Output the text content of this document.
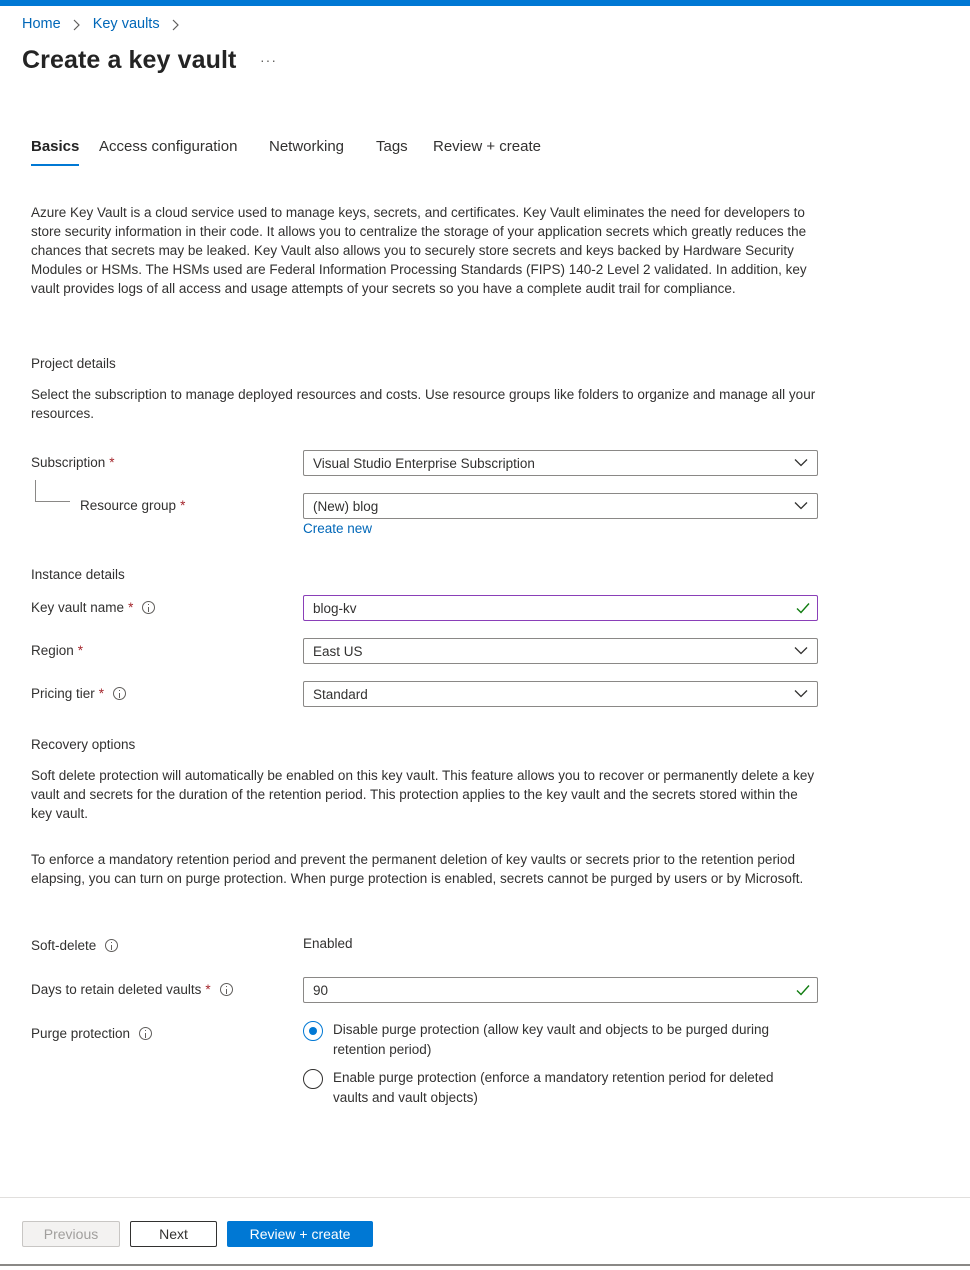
Home Key vaults
Create a key vault ···
Basics Access configuration Networking Tags Review + create

Azure Key Vault is a cloud service used to manage keys, secrets, and certificates. Key Vault eliminates the need for developers to store security information in their code. It allows you to centralize the storage of your application secrets which greatly reduces the chances that secrets may be leaked. Key Vault also allows you to securely store secrets and keys backed by Hardware Security Modules or HSMs. The HSMs used are Federal Information Processing Standards (FIPS) 140-2 Level 2 validated. In addition, key vault provides logs of all access and usage attempts of your secrets so you have a complete audit trail for compliance.

Project details

Select the subscription to manage deployed resources and costs. Use resource groups like folders to organize and manage all your resources.

Subscription *	Visual Studio Enterprise Subscription
Resource group *	(New) blog
Create new
Instance details
Key vault name *	blog-kv
Region *	East US
Pricing tier *	Standard
Recovery options

Soft delete protection will automatically be enabled on this key vault. This feature allows you to recover or permanently delete a key vault and secrets for the duration of the retention period. This protection applies to the key vault and the secrets stored within the key vault.

To enforce a mandatory retention period and prevent the permanent deletion of key vaults or secrets prior to the retention period elapsing, you can turn on purge protection. When purge protection is enabled, secrets cannot be purged by users or by Microsoft.

Soft-delete	Enabled
Days to retain deleted vaults *	90
Purge protection	Disable purge protection (allow key vault and objects to be purged during retention period)
Enable purge protection (enforce a mandatory retention period for deleted vaults and vault objects)
Previous	Next	Review + create
